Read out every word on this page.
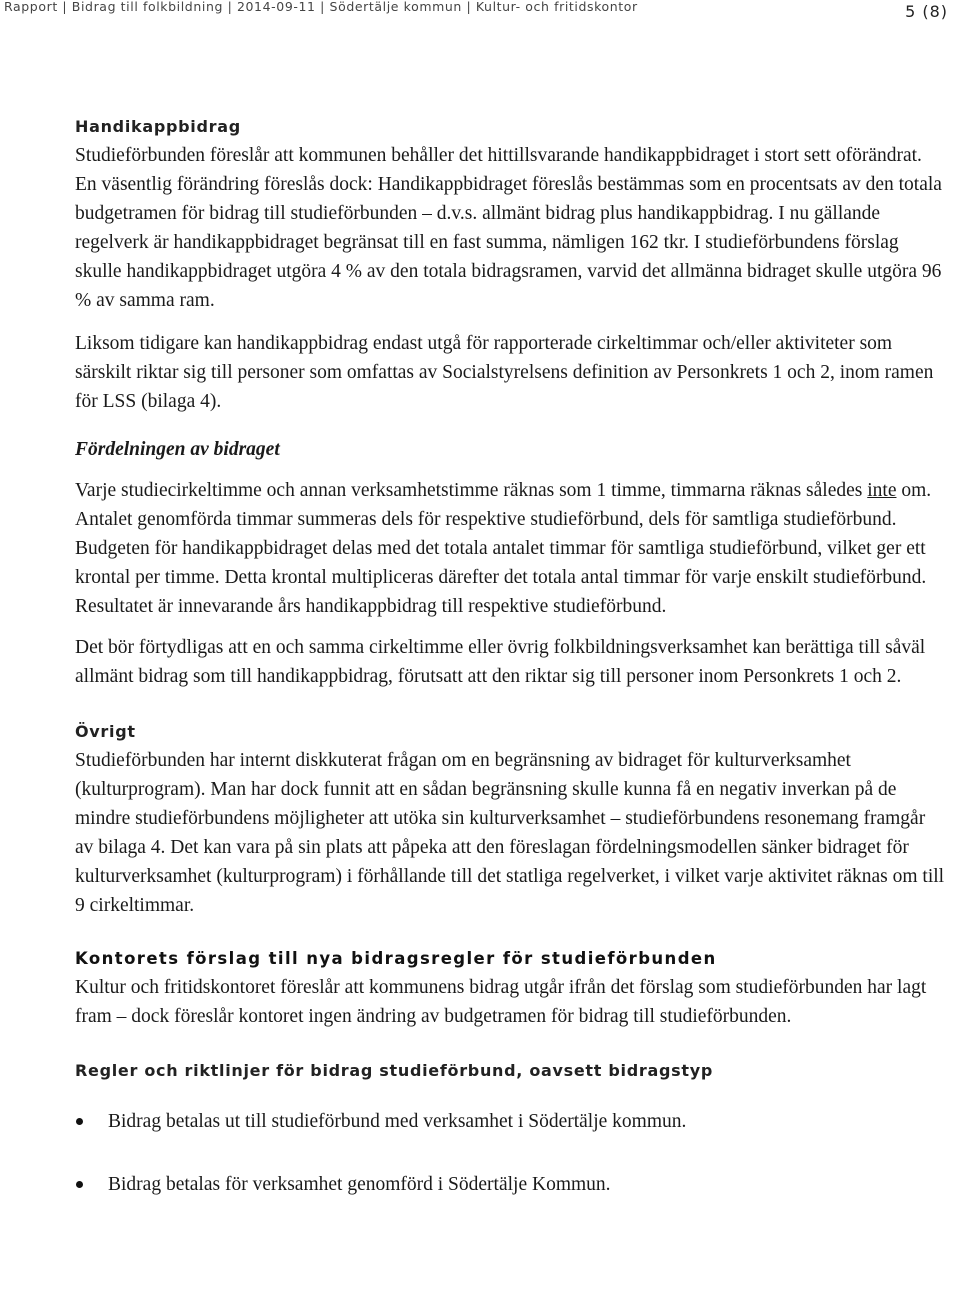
Rapport | Bidrag till folkbildning | 2014-09-11 | Södertälje kommun | Kultur- och fritidskontor	5 (8)
Handikappbidrag

Studieförbunden föreslår att kommunen behåller det hittillsvarande handikappbidraget i stort sett oförändrat. En väsentlig förändring föreslås dock: Handikappbidraget föreslås bestämmas som en procentsats av den totala budgetramen för bidrag till studieförbunden – d.v.s. allmänt bidrag plus handikappbidrag. I nu gällande regelverk är handikappbidraget begränsat till en fast summa, nämligen 162 tkr. I studieförbundens förslag skulle handikappbidraget utgöra 4 % av den totala bidragsramen, varvid det allmänna bidraget skulle utgöra 96 % av samma ram.

Liksom tidigare kan handikappbidrag endast utgå för rapporterade cirkeltimmar och/eller aktiviteter som särskilt riktar sig till personer som omfattas av Socialstyrelsens definition av Personkrets 1 och 2, inom ramen för LSS (bilaga 4).

Fördelningen av bidraget

Varje studiecirkeltimme och annan verksamhetstimme räknas som 1 timme, timmarna räknas således inte om. Antalet genomförda timmar summeras dels för respektive studieförbund, dels för samtliga studieförbund. Budgeten för handikappbidraget delas med det totala antalet timmar för samtliga studieförbund, vilket ger ett krontal per timme. Detta krontal multipliceras därefter det totala antal timmar för varje enskilt studieförbund. Resultatet är innevarande års handikappbidrag till respektive studieförbund.

Det bör förtydligas att en och samma cirkeltimme eller övrig folkbildningsverksamhet kan berättiga till såväl allmänt bidrag som till handikappbidrag, förutsatt att den riktar sig till personer inom Personkrets 1 och 2.

Övrigt

Studieförbunden har internt diskkuterat frågan om en begränsning av bidraget för kulturverksamhet (kulturprogram). Man har dock funnit att en sådan begränsning skulle kunna få en negativ inverkan på de mindre studieförbundens möjligheter att utöka sin kulturverksamhet – studieförbundens resonemang framgår av bilaga 4. Det kan vara på sin plats att påpeka att den föreslagan fördelningsmodellen sänker bidraget för kulturverksamhet (kulturprogram) i förhållande till det statliga regelverket, i vilket varje aktivitet räknas om till 9 cirkeltimmar.

Kontorets förslag till nya bidragsregler för studieförbunden

Kultur och fritidskontoret föreslår att kommunens bidrag utgår ifrån det förslag som studieförbunden har lagt fram – dock föreslår kontoret ingen ändring av budgetramen för bidrag till studieförbunden.

Regler och riktlinjer för bidrag studieförbund, oavsett bidragstyp
Bidrag betalas ut till studieförbund med verksamhet i Södertälje kommun.
Bidrag betalas för verksamhet genomförd i Södertälje Kommun.
